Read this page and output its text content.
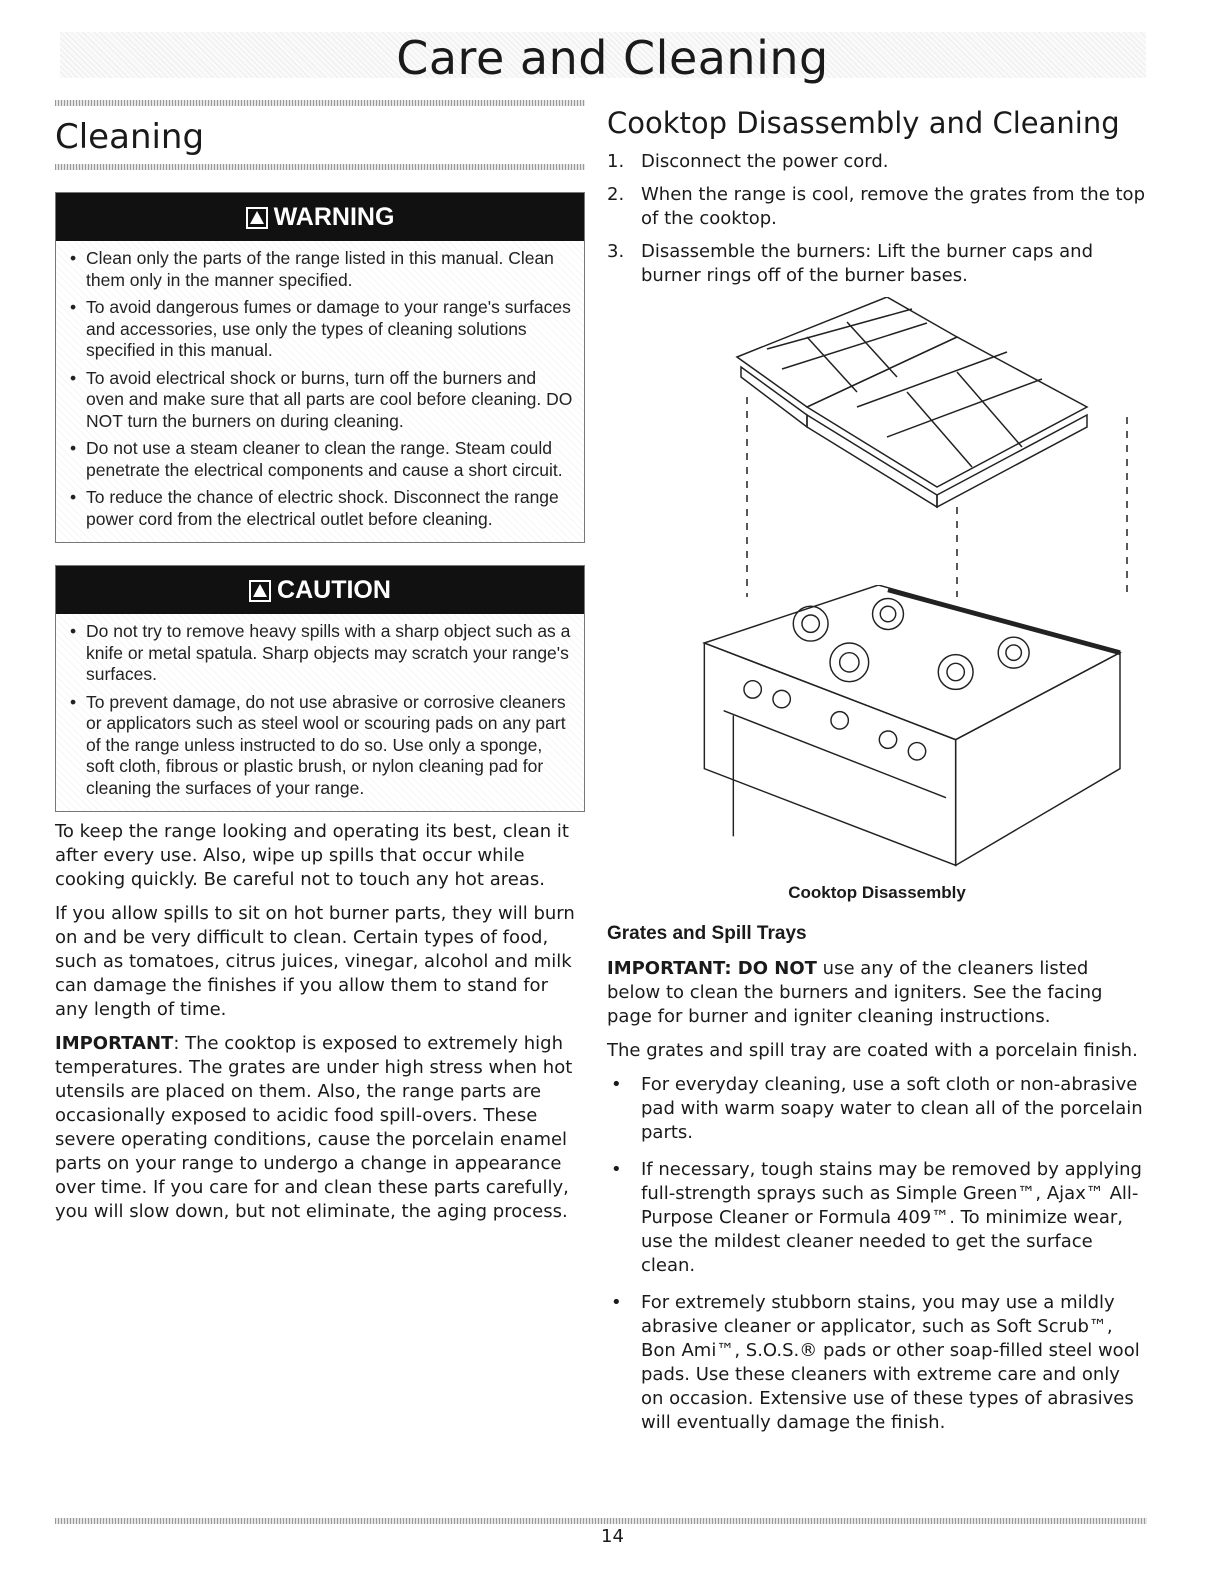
Care and Cleaning
Cleaning
WARNING
• Clean only the parts of the range listed in this manual. Clean them only in the manner specified.
• To avoid dangerous fumes or damage to your range's surfaces and accessories, use only the types of cleaning solutions specified in this manual.
• To avoid electrical shock or burns, turn off the burners and oven and make sure that all parts are cool before cleaning. DO NOT turn the burners on during cleaning.
• Do not use a steam cleaner to clean the range. Steam could penetrate the electrical components and cause a short circuit.
• To reduce the chance of electric shock. Disconnect the range power cord from the electrical outlet before cleaning.
CAUTION
• Do not try to remove heavy spills with a sharp object such as a knife or metal spatula. Sharp objects may scratch your range's surfaces.
• To prevent damage, do not use abrasive or corrosive cleaners or applicators such as steel wool or scouring pads on any part of the range unless instructed to do so. Use only a sponge, soft cloth, fibrous or plastic brush, or nylon cleaning pad for cleaning the surfaces of your range.

To keep the range looking and operating its best, clean it after every use. Also, wipe up spills that occur while cooking quickly. Be careful not to touch any hot areas.

If you allow spills to sit on hot burner parts, they will burn on and be very difficult to clean. Certain types of food, such as tomatoes, citrus juices, vinegar, alcohol and milk can damage the finishes if you allow them to stand for any length of time.

IMPORTANT: The cooktop is exposed to extremely high temperatures. The grates are under high stress when hot utensils are placed on them. Also, the range parts are occasionally exposed to acidic food spill-overs. These severe operating conditions, cause the porcelain enamel parts on your range to undergo a change in appearance over time. If you care for and clean these parts carefully, you will slow down, but not eliminate, the aging process.

Cooktop Disassembly and Cleaning
1. Disconnect the power cord.
2. When the range is cool, remove the grates from the top of the cooktop.
3. Disassemble the burners: Lift the burner caps and burner rings off of the burner bases.
Cooktop Disassembly
Grates and Spill Trays

IMPORTANT: DO NOT use any of the cleaners listed below to clean the burners and igniters. See the facing page for burner and igniter cleaning instructions.

The grates and spill tray are coated with a porcelain finish.

• For everyday cleaning, use a soft cloth or non-abrasive pad with warm soapy water to clean all of the porcelain parts.
• If necessary, tough stains may be removed by applying full-strength sprays such as Simple Green™, Ajax™ All-Purpose Cleaner or Formula 409™. To minimize wear, use the mildest cleaner needed to get the surface clean.
• For extremely stubborn stains, you may use a mildly abrasive cleaner or applicator, such as Soft Scrub™, Bon Ami™, S.O.S.® pads or other soap-filled steel wool pads. Use these cleaners with extreme care and only on occasion. Extensive use of these types of abrasives will eventually damage the finish.
14
